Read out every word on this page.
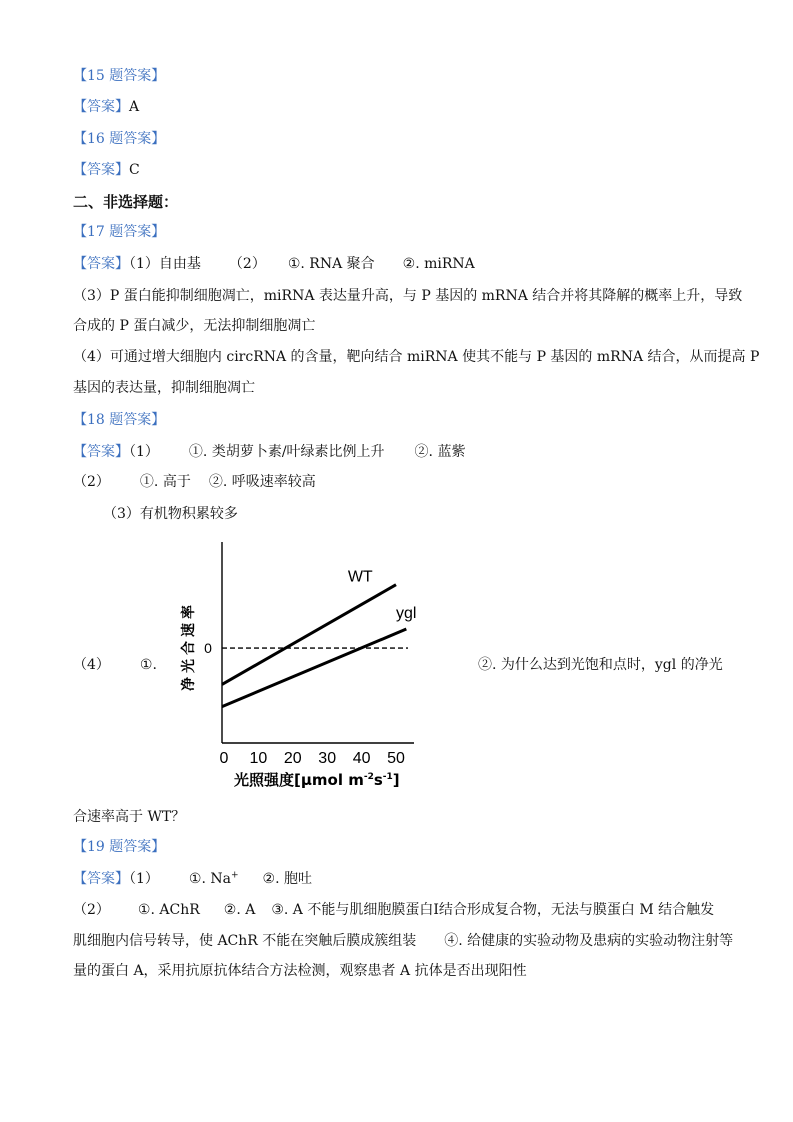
【15 题答案】
【答案】A
【16 题答案】
【答案】C
二、非选择题：
【17 题答案】
【答案】（1）自由基 （2） ①. RNA 聚合 ②. miRNA
（3）P 蛋白能抑制细胞凋亡，miRNA 表达量升高，与 P 基因的 mRNA 结合并将其降解的概率上升，导致
合成的 P 蛋白减少，无法抑制细胞凋亡
（4）可通过增大细胞内 circRNA 的含量，靶向结合 miRNA 使其不能与 P 基因的 mRNA 结合，从而提高 P
基因的表达量，抑制细胞凋亡
【18 题答案】
【答案】（1） ①. 类胡萝卜素/叶绿素比例上升 ②. 蓝紫
（2） ①. 高于 ②. 呼吸速率较高
（3）有机物积累较多
（4） ①.
WT
ygl
0
净
光
合
速
率
0 10 20 30 40 50
光照强度[μmol $m^{-2}s^{-1}$]
②. 为什么达到光饱和点时，ygl 的净光
合速率高于 WT？
【19 题答案】
【答案】（1） ①. Na+ ②. 胞吐
（2） ①. AChR ②. A ③. A 不能与肌细胞膜蛋白Ⅰ结合形成复合物，无法与膜蛋白 M 结合触发
肌细胞内信号转导，使 AChR 不能在突触后膜成簇组装 ④. 给健康的实验动物及患病的实验动物注射等
量的蛋白 A，采用抗原抗体结合方法检测，观察患者 A 抗体是否出现阳性
